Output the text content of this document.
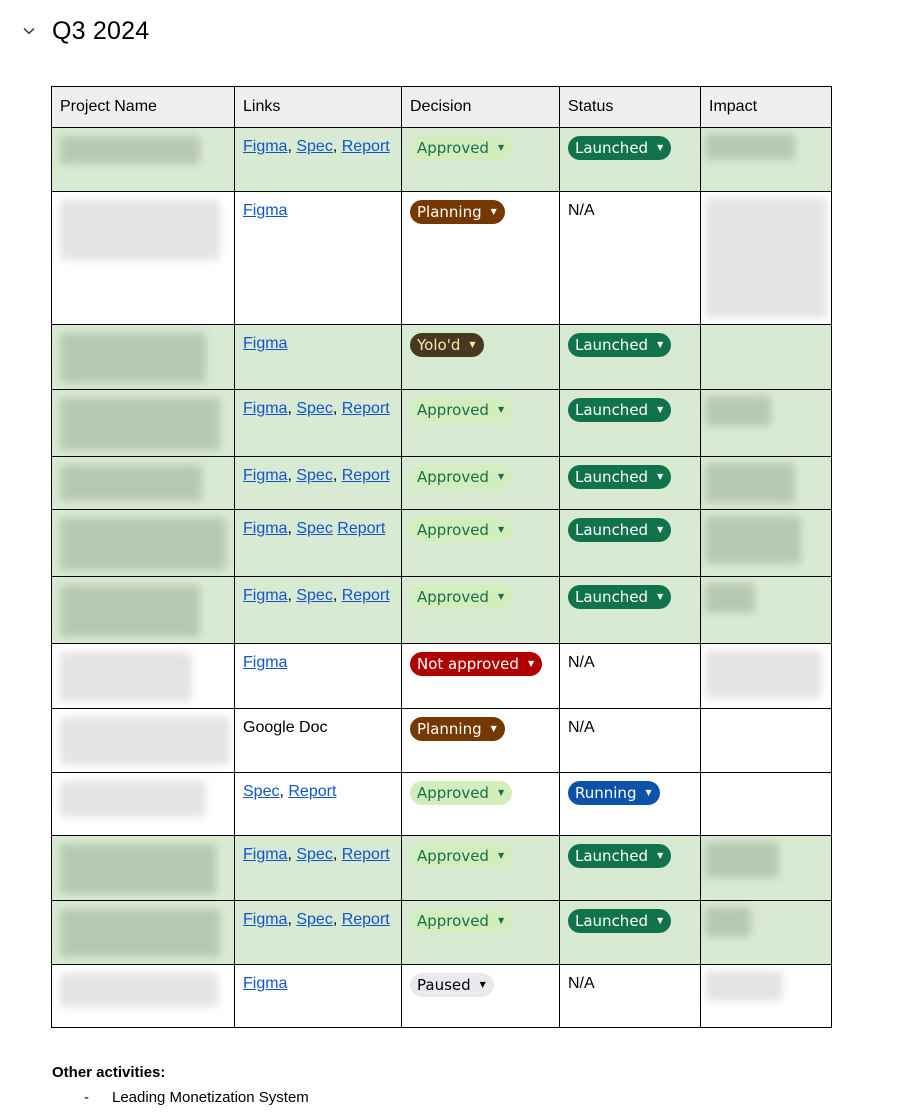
Q3 2024
Project Name	Links	Decision	Status	Impact

	Figma, Spec, Report	Approved ▼	Launched ▼	

	Figma	Planning ▼	N/A	

	Figma	Yolo'd ▼	Launched ▼	

	Figma, Spec, Report	Approved ▼	Launched ▼	

	Figma, Spec, Report	Approved ▼	Launched ▼	

	Figma, Spec Report	Approved ▼	Launched ▼	

	Figma, Spec, Report	Approved ▼	Launched ▼	

	Figma	Not approved ▼	N/A	

	Google Doc	Planning ▼	N/A	

	Spec, Report	Approved ▼	Running ▼	

	Figma, Spec, Report	Approved ▼	Launched ▼	

	Figma, Spec, Report	Approved ▼	Launched ▼	

	Figma	Paused ▼	N/A	
Other activities:
-	Leading Monetization System
